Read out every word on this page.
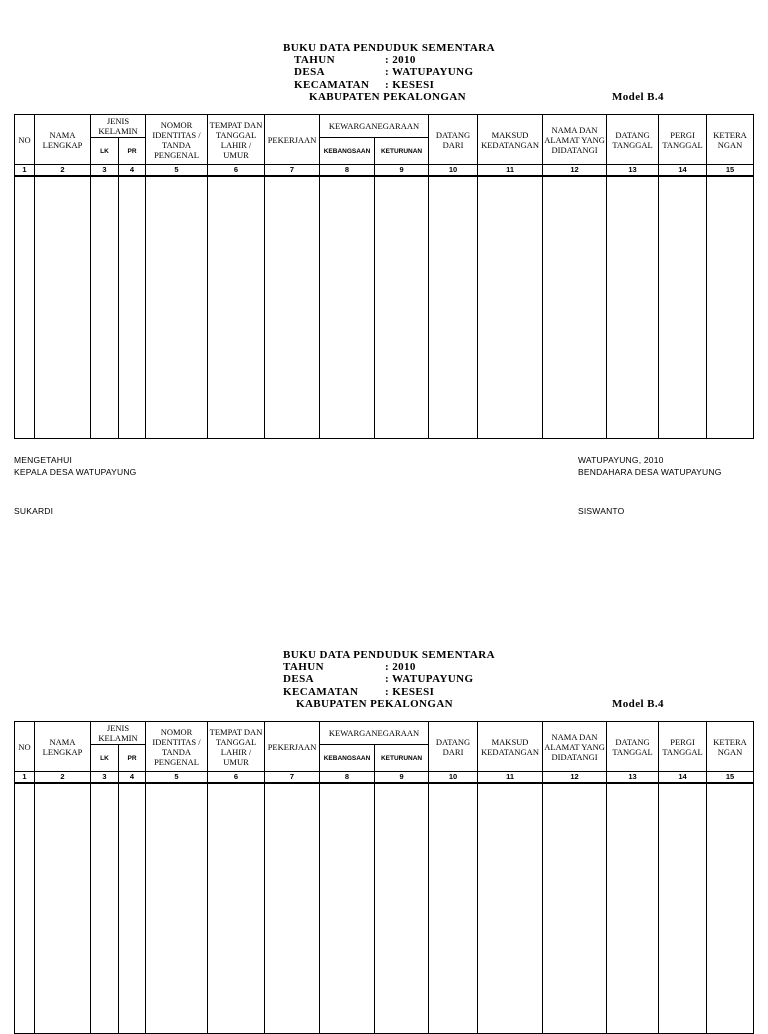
BUKU DATA PENDUDUK SEMENTARA
TAHUN	: 2010
DESA	: WATUPAYUNG
KECAMATAN : KESESI
KABUPATEN PEKALONGAN	Model B.4
NO	NAMA LENGKAP	JENIS KELAMIN		NOMOR IDENTITAS / TANDA PENGENAL	TEMPAT DAN TANGGAL LAHIR / UMUR	PEKERJAAN	KEWARGANEGARAAN		DATANG DARI	MAKSUD KEDATANGAN	NAMA DAN ALAMAT YANG DIDATANGI	DATANG TANGGAL	PERGI TANGGAL	KETERA NGAN
		LK	PR				KEBANGSAAN	KETURUNAN						
1	2	3	4	5	6	7	8	9	10	11	12	13	14	15

MENGETAHUI
KEPALA DESA WATUPAYUNG
SUKARDI
WATUPAYUNG, 2010
BENDAHARA DESA WATUPAYUNG
SISWANTO
BUKU DATA PENDUDUK SEMENTARA
TAHUN	: 2010
DESA	: WATUPAYUNG
KECAMATAN : KESESI
KABUPATEN PEKALONGAN	Model B.4
NO	NAMA LENGKAP	JENIS KELAMIN		NOMOR IDENTITAS / TANDA PENGENAL	TEMPAT DAN TANGGAL LAHIR / UMUR	PEKERJAAN	KEWARGANEGARAAN		DATANG DARI	MAKSUD KEDATANGAN	NAMA DAN ALAMAT YANG DIDATANGI	DATANG TANGGAL	PERGI TANGGAL	KETERA NGAN
		LK	PR				KEBANGSAAN	KETURUNAN						
1	2	3	4	5	6	7	8	9	10	11	12	13	14	15
